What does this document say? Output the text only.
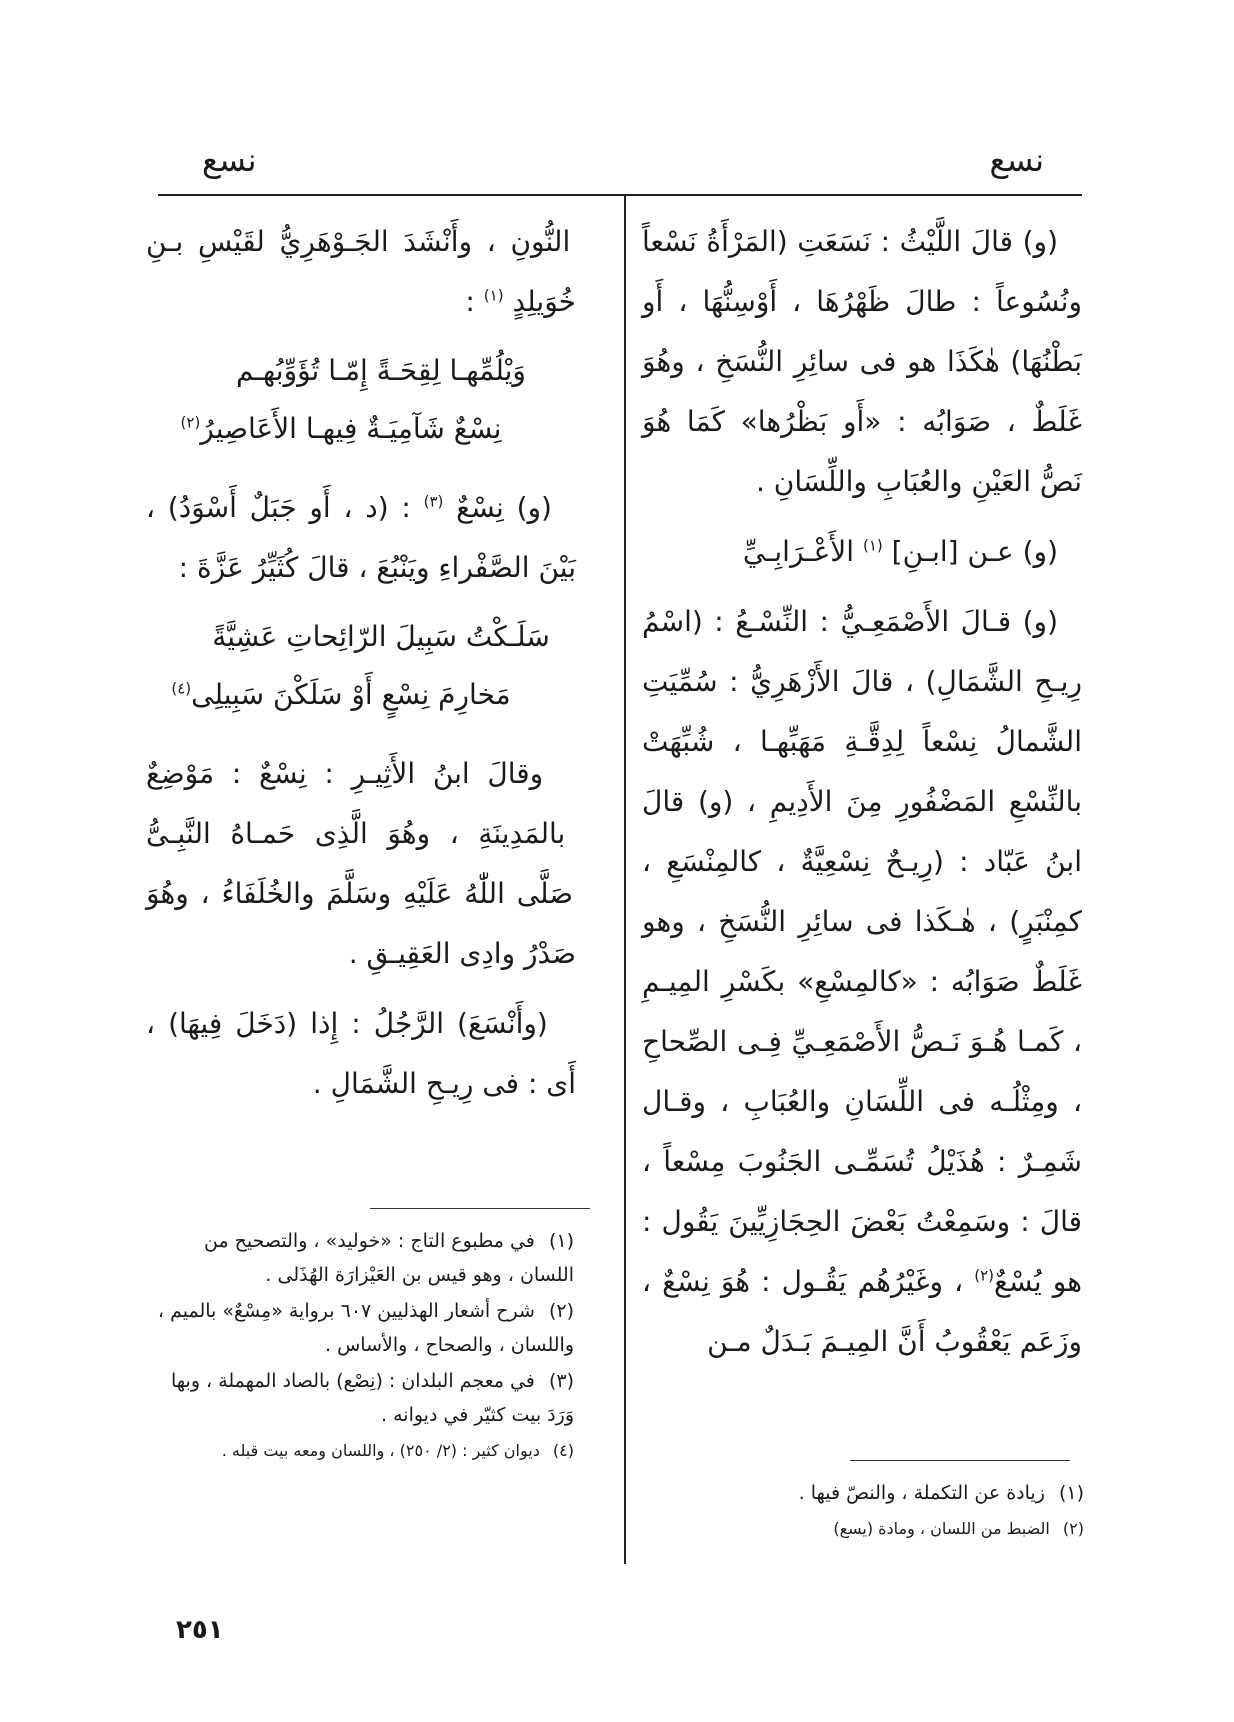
نسع
نسع

(و) قالَ اللَّيْثُ : نَسَعَتِ (المَرْأَةُ نَسْعاً ونُسُوعاً : طالَ ظَهْرُهَا ، أَوْسِنُّهَا ، أَو بَطْنُهَا) هٰكَذَا هو فى سائِرِ النُّسَخِ ، وهُوَ غَلَطٌ ، صَوَابُه : «أَو بَظْرُها» كَمَا هُوَ نَصُّ العَيْنِ والعُبَابِ واللِّسَانِ .

(و) عـن [ابـنِ] $^{(١)}$ الأَعْـرَابِـيِّ

(و) قـالَ الأَصْمَعِـيُّ : النِّسْـعُ : (اسْمُ رِيـحِ الشَّمَالِ) ، قالَ الأَزْهَرِيُّ : سُمِّيَتِ الشَّمالُ نِسْعاً لِدِقَّـةِ مَهَبِّهـا ، شُبِّهَتْ بالنِّسْعِ المَضْفُورِ مِنَ الأَدِيمِ ، (و) قالَ ابنُ عَبّاد : (رِيـحٌ نِسْعِيَّةٌ ، كالمِنْسَعِ ، كمِنْبَرٍ) ، هٰـكَذا فى سائِرِ النُّسَخِ ، وهو غَلَطٌ صَوَابُه : «كالمِسْعِ» بكَسْرِ المِيـمِ ، كَمـا هُـوَ نَـصُّ الأَصْمَعِـيِّ فِـى الصِّحاحِ ، ومِثْلُـه فى اللِّسَانِ والعُبَابِ ، وقـال شَمِـرٌ : هُذَيْلُ تُسَمِّـى الجَنُوبَ مِسْعاً ، قالَ : وسَمِعْتُ بَعْضَ الحِجَازِيِّينَ يَقُول : هو يُسْعٌ$^{(٢)}$ ، وغَيْرُهُم يَقُـول : هُوَ نِسْعٌ ، وزَعَم يَعْقُوبُ أَنَّ المِيـمَ بَـدَلٌ مـن

النُّونِ ، وأَنْشَدَ الجَـوْهَرِيُّ لقَيْسِ بـنِ خُوَيلِدٍ $^{(١)}$ :

وَيْلُمِّهـا لِقِحَـةً إِمّـا تُؤَوِّبُهـم
نِسْعٌ شَآمِيَـةٌ فِيهـا الأَعَاصِيرُ$^{(٢)}$

(و) نِسْعٌ $^{(٣)}$ : (د ، أَو جَبَلٌ أَسْوَدُ) ، بَيْنَ الصَّفْراءِ ويَنْبُعَ ، قالَ كُثَيِّرُ عَزَّةَ :

سَلَـكْتُ سَبِيلَ الرّائِحاتِ عَشِيَّةً
مَخارِمَ نِسْعٍ أَوْ سَلَكْنَ سَبِيلِى$^{(٤)}$

وقالَ ابنُ الأَثِيـرِ : نِسْعٌ : مَوْضِعٌ بالمَدِينَةِ ، وهُوَ الَّذِى حَمـاهُ النَّبِـىُّ صَلَّى اللّٰهُ عَلَيْهِ وسَلَّمَ والخُلَفَاءُ ، وهُوَ صَدْرُ وادِى العَقِيـقِ .

(وأَنْسَعَ) الرَّجُلُ : إِذا (دَخَلَ فِيهَا) ، أَى : فى رِيـحِ الشَّمَالِ .

(١) في مطبوع التاج : «خوليد» ، والتصحيح من اللسان ، وهو قيس بن العَيْزارَة الهُذَلى .

(٢) شرح أشعار الهذليين ٦٠٧ برواية «مِسْعٌ» بالميم ، واللسان ، والصحاح ، والأساس .

(٣) في معجم البلدان : (نِصْع) بالصاد المهملة ، وبها وَرَدَ بيت كثيّر في ديوانه .

(٤) ديوان كثير : (٢/ ٢٥٠) ، واللسان ومعه بيت قبله .

(١) زيادة عن التكملة ، والنصّ فيها .

(٢) الضبط من اللسان ، ومادة (يسع)

٢٥١
